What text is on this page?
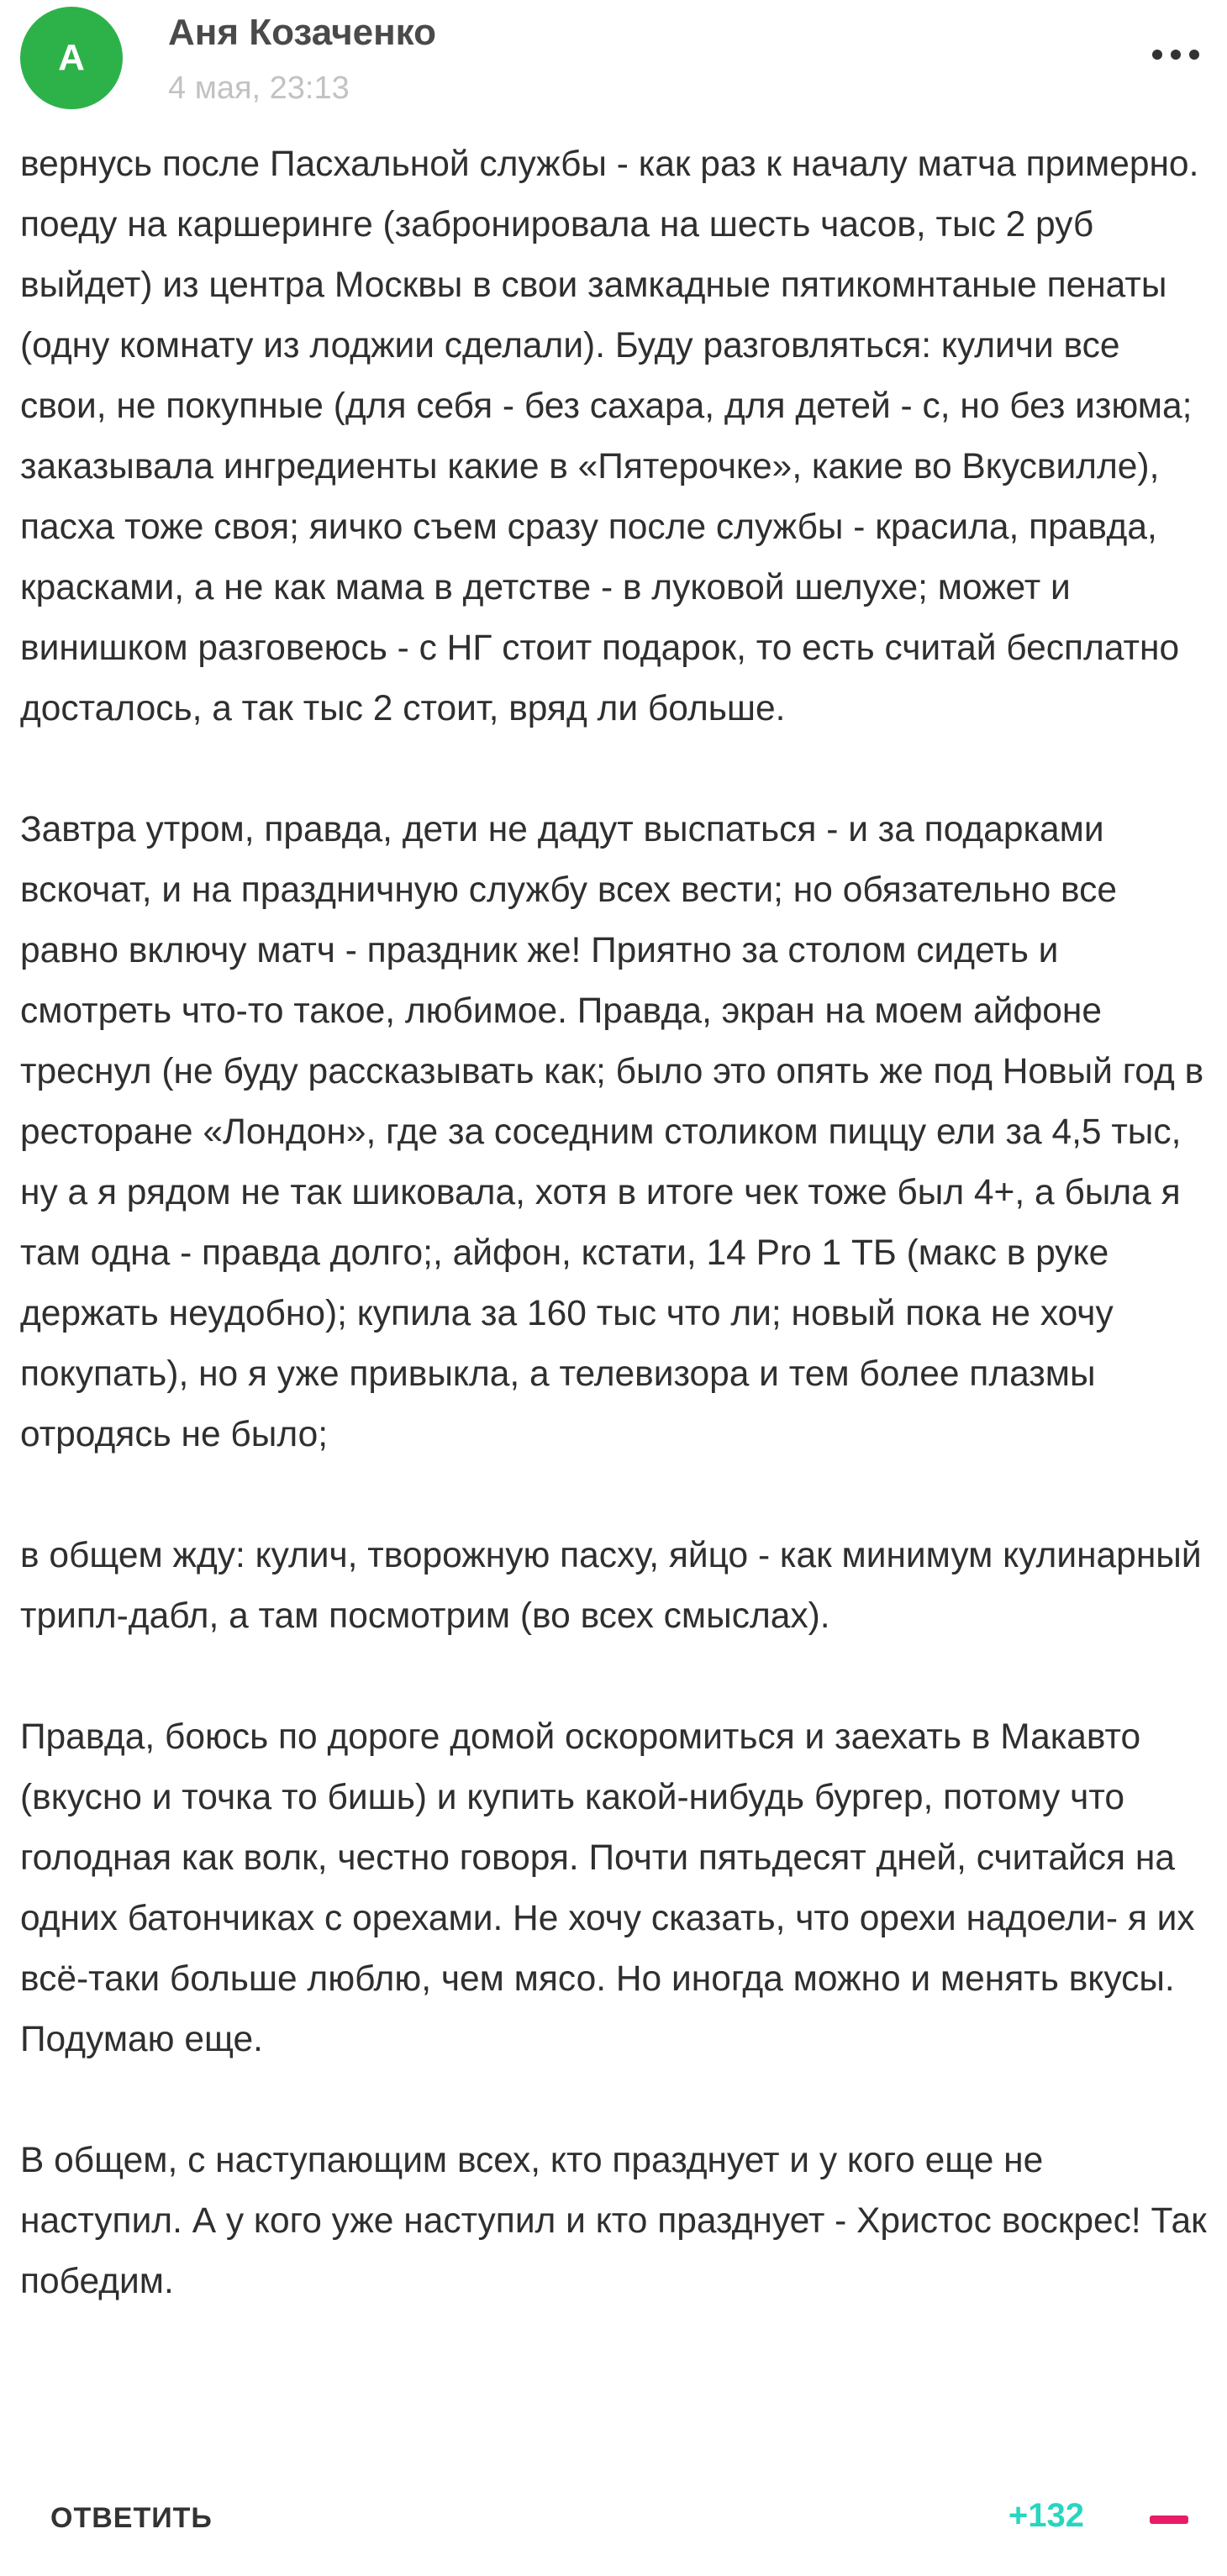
А
Аня Козаченко
4 мая, 23:13

вернусь после Пасхальной службы - как раз к началу матча примерно. поеду на каршеринге (забронировала на шесть часов, тыс 2 руб выйдет) из центра Москвы в свои замкадные пятикомнтаные пенаты (одну комнату из лоджии сделали). Буду разговляться: куличи все свои, не покупные (для себя - без сахара, для детей - с, но без изюма; заказывала ингредиенты какие в «Пятерочке», какие во Вкусвилле), пасха тоже своя; яичко съем сразу после службы - красила, правда, красками, а не как мама в детстве - в луковой шелухе; может и винишком разговеюсь - с НГ стоит подарок, то есть считай бесплатно досталось, а так тыс 2 стоит, вряд ли больше.

Завтра утром, правда, дети не дадут выспаться - и за подарками вскочат, и на праздничную службу всех вести; но обязательно все равно включу матч - праздник же! Приятно за столом сидеть и смотреть что-то такое, любимое. Правда, экран на моем айфоне треснул (не буду рассказывать как; было это опять же под Новый год в ресторане «Лондон», где за соседним столиком пиццу ели за 4,5 тыс, ну а я рядом не так шиковала, хотя в итоге чек тоже был 4+, а была я там одна - правда долго;, айфон, кстати, 14 Pro 1 ТБ (макс в руке держать неудобно); купила за 160 тыс что ли; новый пока не хочу покупать), но я уже привыкла, а телевизора и тем более плазмы отродясь не было;

в общем жду: кулич, творожную пасху, яйцо - как минимум кулинарный трипл-дабл, а там посмотрим (во всех смыслах).

Правда, боюсь по дороге домой оскоромиться и заехать в Макавто (вкусно и точка то бишь) и купить какой-нибудь бургер, потому что голодная как волк, честно говоря. Почти пятьдесят дней, считайся на одних батончиках с орехами. Не хочу сказать, что орехи надоели- я их всё-таки больше люблю, чем мясо. Но иногда можно и менять вкусы. Подумаю еще.

В общем, с наступающим всех, кто празднует и у кого еще не наступил. А у кого уже наступил и кто празднует - Христос воскрес! Так победим.

ОТВЕТИТЬ	+132
